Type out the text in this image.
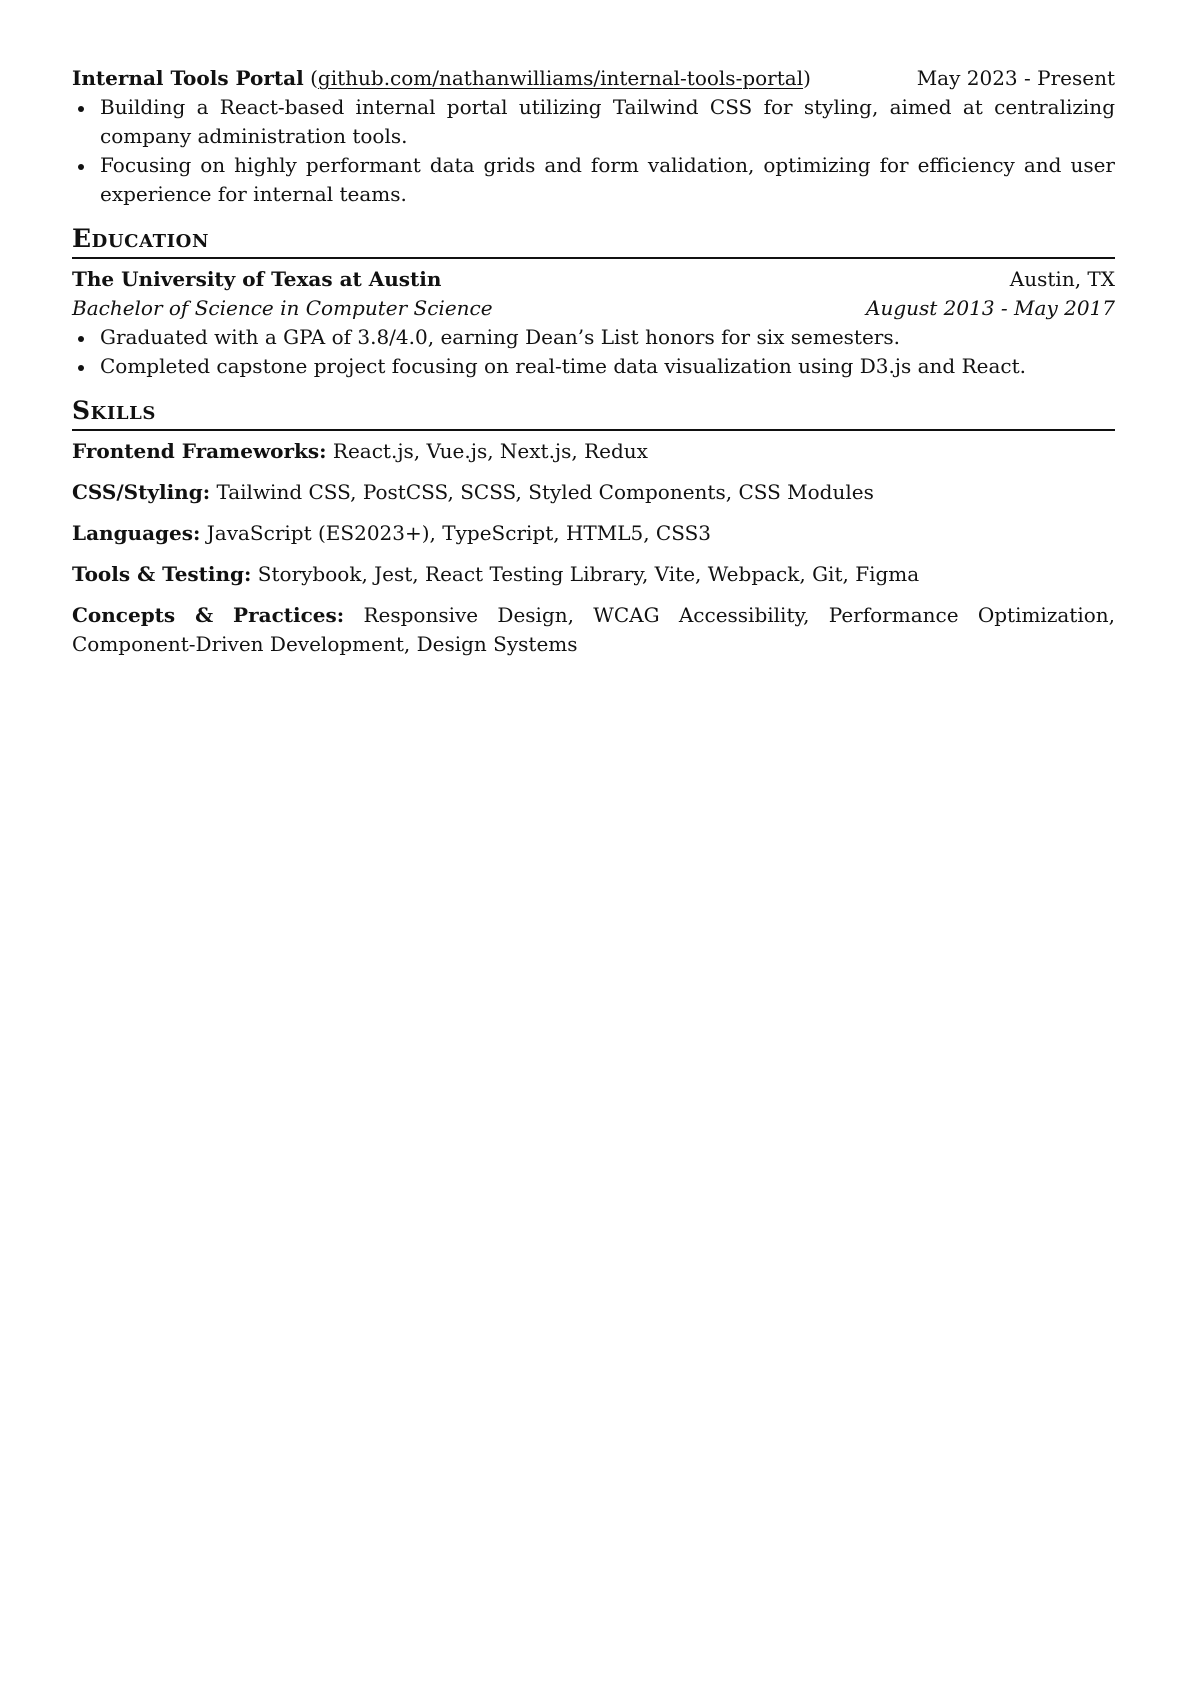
Internal Tools Portal (github.com/nathanwilliams/internal-tools-portal)	May 2023 - Present
Building a React-based internal portal utilizing Tailwind CSS for styling, aimed at centralizing company administration tools.
Focusing on highly performant data grids and form validation, optimizing for efficiency and user experience for internal teams.
Education
The University of Texas at Austin	Austin, TX
Bachelor of Science in Computer Science	August 2013 - May 2017
Graduated with a GPA of 3.8/4.0, earning Dean’s List honors for six semesters.
Completed capstone project focusing on real-time data visualization using D3.js and React.
Skills

Frontend Frameworks: React.js, Vue.js, Next.js, Redux

CSS/Styling: Tailwind CSS, PostCSS, SCSS, Styled Components, CSS Modules

Languages: JavaScript (ES2023+), TypeScript, HTML5, CSS3

Tools & Testing: Storybook, Jest, React Testing Library, Vite, Webpack, Git, Figma

Concepts & Practices: Responsive Design, WCAG Accessibility, Performance Optimization, Component-Driven Development, Design Systems
